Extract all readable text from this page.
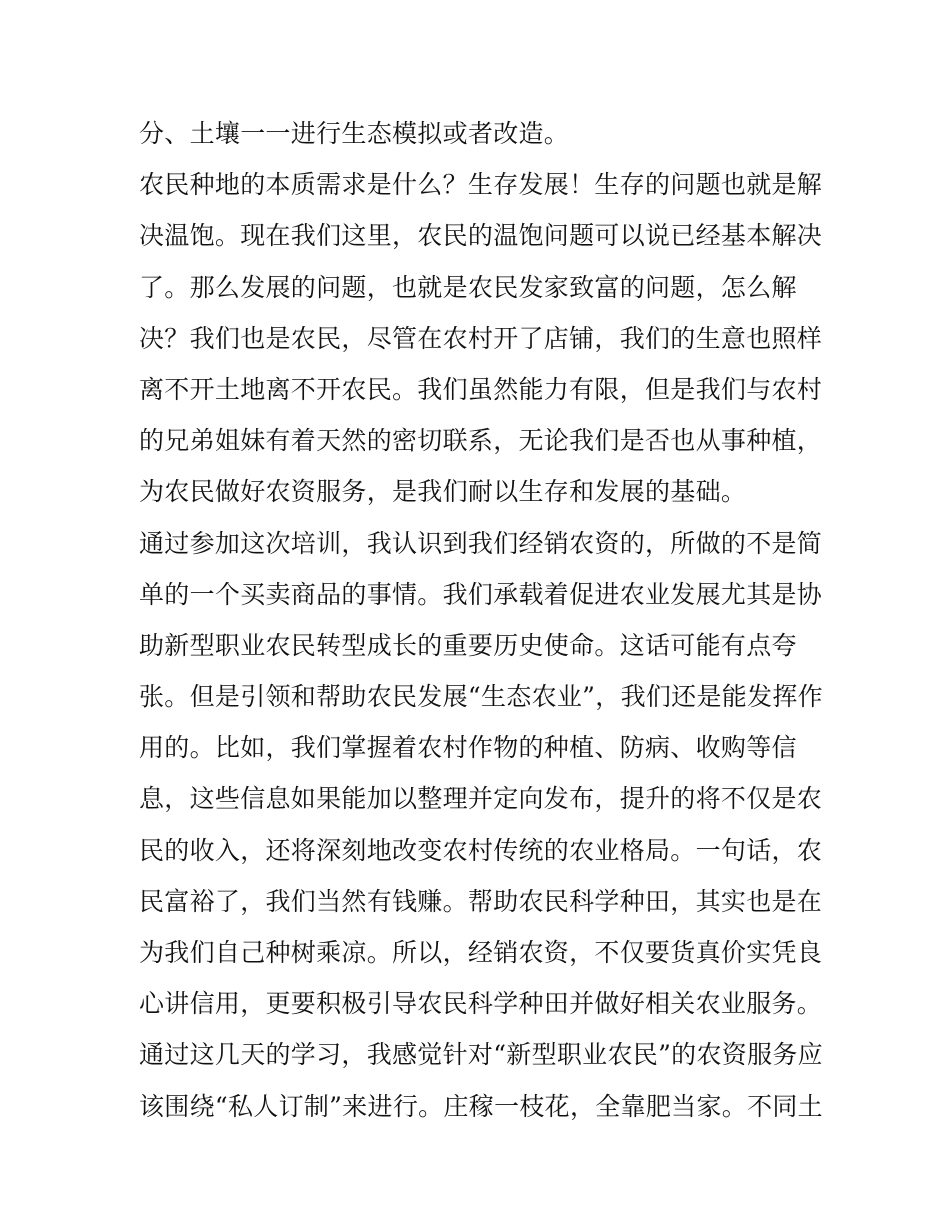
分、土壤一一进行生态模拟或者改造。
农民种地的本质需求是什么？生存发展！生存的问题也就是解
决温饱。现在我们这里，农民的温饱问题可以说已经基本解决
了。那么发展的问题，也就是农民发家致富的问题，怎么解
决？我们也是农民，尽管在农村开了店铺，我们的生意也照样
离不开土地离不开农民。我们虽然能力有限，但是我们与农村
的兄弟姐妹有着天然的密切联系，无论我们是否也从事种植，
为农民做好农资服务，是我们耐以生存和发展的基础。
通过参加这次培训，我认识到我们经销农资的，所做的不是简
单的一个买卖商品的事情。我们承载着促进农业发展尤其是协
助新型职业农民转型成长的重要历史使命。这话可能有点夸
张。但是引领和帮助农民发展“生态农业”，我们还是能发挥作
用的。比如，我们掌握着农村作物的种植、防病、收购等信
息，这些信息如果能加以整理并定向发布，提升的将不仅是农
民的收入，还将深刻地改变农村传统的农业格局。一句话，农
民富裕了，我们当然有钱赚。帮助农民科学种田，其实也是在
为我们自己种树乘凉。所以，经销农资，不仅要货真价实凭良
心讲信用，更要积极引导农民科学种田并做好相关农业服务。
通过这几天的学习，我感觉针对“新型职业农民”的农资服务应
该围绕“私人订制”来进行。庄稼一枝花，全靠肥当家。不同土
